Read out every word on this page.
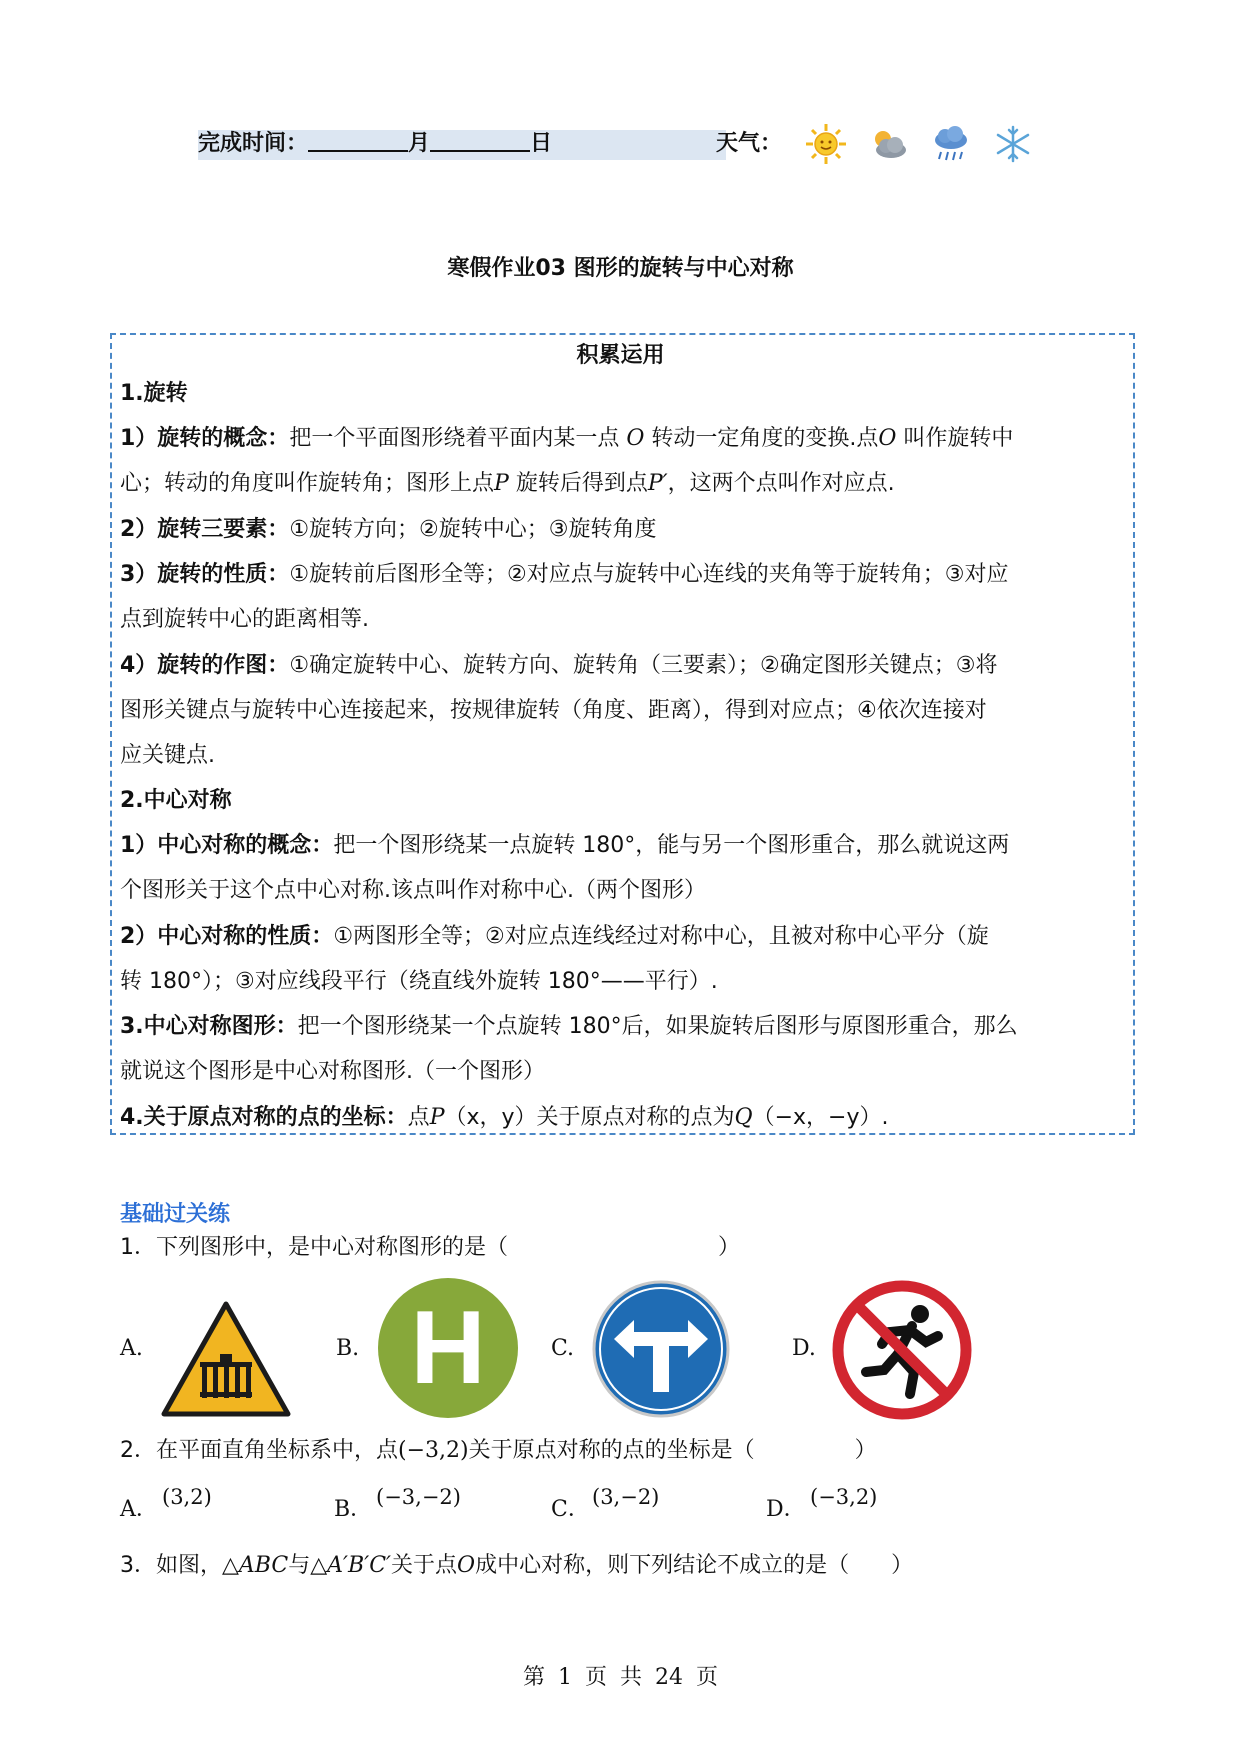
完成时间：	月	日	天气：
寒假作业03 图形的旋转与中心对称
积累运用
1.旋转
1）旋转的概念：把一个平面图形绕着平面内某一点 O 转动一定角度的变换.点O 叫作旋转中
心；转动的角度叫作旋转角；图形上点P 旋转后得到点P′，这两个点叫作对应点.
2）旋转三要素：①旋转方向；②旋转中心；③旋转角度
3）旋转的性质：①旋转前后图形全等；②对应点与旋转中心连线的夹角等于旋转角；③对应
点到旋转中心的距离相等.
4）旋转的作图：①确定旋转中心、旋转方向、旋转角（三要素）；②确定图形关键点；③将
图形关键点与旋转中心连接起来，按规律旋转（角度、距离），得到对应点；④依次连接对
应关键点.
2.中心对称
1）中心对称的概念：把一个图形绕某一点旋转 180°，能与另一个图形重合，那么就说这两
个图形关于这个点中心对称.该点叫作对称中心.（两个图形）
2）中心对称的性质：①两图形全等；②对应点连线经过对称中心，且被对称中心平分（旋
转 180°）；③对应线段平行（绕直线外旋转 180°——平行）.
3.中心对称图形：把一个图形绕某一个点旋转 180°后，如果旋转后图形与原图形重合，那么
就说这个图形是中心对称图形.（一个图形）
4.关于原点对称的点的坐标：点P（x，y）关于原点对称的点为Q（−x，−y）.
基础过关练
1．下列图形中，是中心对称图形的是（	）
A.	B. H	C.	D.
2．在平面直角坐标系中，点(−3,2)关于原点对称的点的坐标是（	）
A． (3,2)	B． (−3,−2)	C． (3,−2)	D． (−3,2)
3．如图，△ABC与△A′B′C′关于点O成中心对称，则下列结论不成立的是（ ）
第 1 页 共 24 页
